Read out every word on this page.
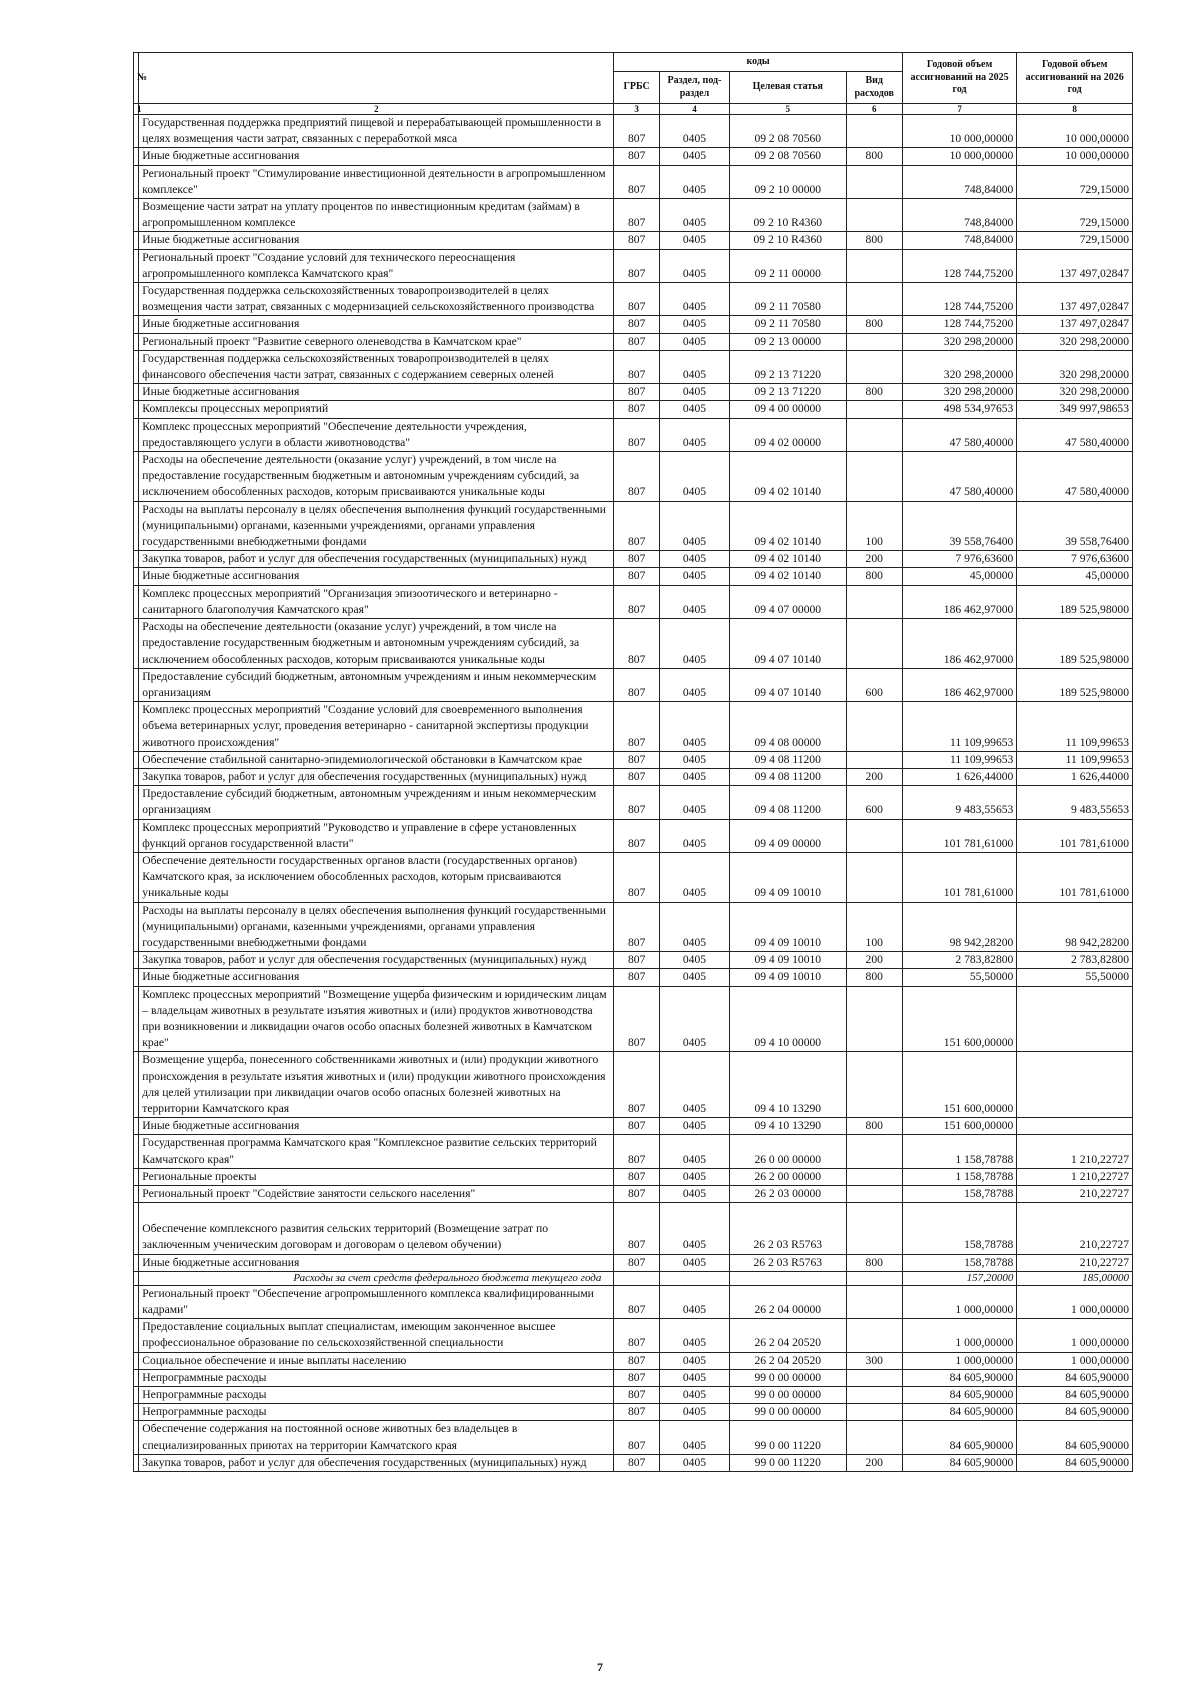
№		коды				Годовой объем ассигнований на 2025 год	Годовой объем ассигнований на 2026 год
		ГРБС	Раздел, под-раздел	Целевая статья	Вид расходов		
1	2	3	4	5	6	7	8
	Государственная поддержка предприятий пищевой и перерабатывающей промышленности в целях возмещения части затрат, связанных с переработкой мяса	807	0405	09 2 08 70560		10 000,00000	10 000,00000
	Иные бюджетные ассигнования	807	0405	09 2 08 70560	800	10 000,00000	10 000,00000
	Региональный проект "Стимулирование инвестиционной деятельности в агропромышленном комплексе"	807	0405	09 2 10 00000		748,84000	729,15000
	Возмещение части затрат на уплату процентов по инвестиционным кредитам (займам) в агропромышленном комплексе	807	0405	09 2 10 R4360		748,84000	729,15000
	Иные бюджетные ассигнования	807	0405	09 2 10 R4360	800	748,84000	729,15000
	Региональный проект "Создание условий для технического переоснащения агропромышленного комплекса Камчатского края"	807	0405	09 2 11 00000		128 744,75200	137 497,02847
	Государственная поддержка сельскохозяйственных товаропроизводителей в целях возмещения части затрат, связанных с модернизацией сельскохозяйственного производства	807	0405	09 2 11 70580		128 744,75200	137 497,02847
	Иные бюджетные ассигнования	807	0405	09 2 11 70580	800	128 744,75200	137 497,02847
	Региональный проект "Развитие северного оленеводства в Камчатском крае"	807	0405	09 2 13 00000		320 298,20000	320 298,20000
	Государственная поддержка сельскохозяйственных товаропроизводителей в целях финансового обеспечения части затрат, связанных с содержанием северных оленей	807	0405	09 2 13 71220		320 298,20000	320 298,20000
	Иные бюджетные ассигнования	807	0405	09 2 13 71220	800	320 298,20000	320 298,20000
	Комплексы процессных мероприятий	807	0405	09 4 00 00000		498 534,97653	349 997,98653
	Комплекс процессных мероприятий "Обеспечение деятельности учреждения, предоставляющего услуги в области животноводства"	807	0405	09 4 02 00000		47 580,40000	47 580,40000
	Расходы на обеспечение деятельности (оказание услуг) учреждений, в том числе на предоставление государственным бюджетным и автономным учреждениям субсидий, за исключением обособленных расходов, которым присваиваются уникальные коды	807	0405	09 4 02 10140		47 580,40000	47 580,40000
	Расходы на выплаты персоналу в целях обеспечения выполнения функций государственными (муниципальными) органами, казенными учреждениями, органами управления государственными внебюджетными фондами	807	0405	09 4 02 10140	100	39 558,76400	39 558,76400
	Закупка товаров, работ и услуг для обеспечения государственных (муниципальных) нужд	807	0405	09 4 02 10140	200	7 976,63600	7 976,63600
	Иные бюджетные ассигнования	807	0405	09 4 02 10140	800	45,00000	45,00000
	Комплекс процессных мероприятий "Организация эпизоотического и ветеринарно - санитарного благополучия Камчатского края"	807	0405	09 4 07 00000		186 462,97000	189 525,98000
	Расходы на обеспечение деятельности (оказание услуг) учреждений, в том числе на предоставление государственным бюджетным и автономным учреждениям субсидий, за исключением обособленных расходов, которым присваиваются уникальные коды	807	0405	09 4 07 10140		186 462,97000	189 525,98000
	Предоставление субсидий бюджетным, автономным учреждениям и иным некоммерческим организациям	807	0405	09 4 07 10140	600	186 462,97000	189 525,98000
	Комплекс процессных мероприятий "Создание условий для своевременного выполнения объема ветеринарных услуг, проведения ветеринарно - санитарной экспертизы продукции животного происхождения"	807	0405	09 4 08 00000		11 109,99653	11 109,99653
	Обеспечение стабильной санитарно-эпидемиологической обстановки в Камчатском крае	807	0405	09 4 08 11200		11 109,99653	11 109,99653
	Закупка товаров, работ и услуг для обеспечения государственных (муниципальных) нужд	807	0405	09 4 08 11200	200	1 626,44000	1 626,44000
	Предоставление субсидий бюджетным, автономным учреждениям и иным некоммерческим организациям	807	0405	09 4 08 11200	600	9 483,55653	9 483,55653
	Комплекс процессных мероприятий "Руководство и управление в сфере установленных функций органов государственной власти"	807	0405	09 4 09 00000		101 781,61000	101 781,61000
	Обеспечение деятельности государственных органов власти (государственных органов) Камчатского края, за исключением обособленных расходов, которым присваиваются уникальные коды	807	0405	09 4 09 10010		101 781,61000	101 781,61000
	Расходы на выплаты персоналу в целях обеспечения выполнения функций государственными (муниципальными) органами, казенными учреждениями, органами управления государственными внебюджетными фондами	807	0405	09 4 09 10010	100	98 942,28200	98 942,28200
	Закупка товаров, работ и услуг для обеспечения государственных (муниципальных) нужд	807	0405	09 4 09 10010	200	2 783,82800	2 783,82800
	Иные бюджетные ассигнования	807	0405	09 4 09 10010	800	55,50000	55,50000
	Комплекс процессных мероприятий "Возмещение ущерба физическим и юридическим лицам – владельцам животных в результате изъятия животных и (или) продуктов животноводства при возникновении и ликвидации очагов особо опасных болезней животных в Камчатском крае"	807	0405	09 4 10 00000		151 600,00000	
	Возмещение ущерба, понесенного собственниками животных и (или) продукции животного происхождения в результате изъятия животных и (или) продукции животного происхождения для целей утилизации при ликвидации очагов особо опасных болезней животных на территории Камчатского края	807	0405	09 4 10 13290		151 600,00000	
	Иные бюджетные ассигнования	807	0405	09 4 10 13290	800	151 600,00000	
	Государственная программа Камчатского края "Комплексное развитие сельских территорий Камчатского края"	807	0405	26 0 00 00000		1 158,78788	1 210,22727
	Региональные проекты	807	0405	26 2 00 00000		1 158,78788	1 210,22727
	Региональный проект "Содействие занятости сельского населения"	807	0405	26 2 03 00000		158,78788	210,22727
	Обеспечение комплексного развития сельских территорий (Возмещение затрат по заключенным ученическим договорам и договорам о целевом обучении)	807	0405	26 2 03 R5763		158,78788	210,22727
	Иные бюджетные ассигнования	807	0405	26 2 03 R5763	800	158,78788	210,22727
	Расходы за счет средств федерального бюджета текущего года					157,20000	185,00000
	Региональный проект "Обеспечение агропромышленного комплекса квалифицированными кадрами"	807	0405	26 2 04 00000		1 000,00000	1 000,00000
	Предоставление социальных выплат специалистам, имеющим законченное высшее профессиональное образование по сельскохозяйственной специальности	807	0405	26 2 04 20520		1 000,00000	1 000,00000
	Социальное обеспечение и иные выплаты населению	807	0405	26 2 04 20520	300	1 000,00000	1 000,00000
	Непрограммные расходы	807	0405	99 0 00 00000		84 605,90000	84 605,90000
	Непрограммные расходы	807	0405	99 0 00 00000		84 605,90000	84 605,90000
	Непрограммные расходы	807	0405	99 0 00 00000		84 605,90000	84 605,90000
	Обеспечение содержания на постоянной основе животных без владельцев в специализированных приютах на территории Камчатского края	807	0405	99 0 00 11220		84 605,90000	84 605,90000
	Закупка товаров, работ и услуг для обеспечения государственных (муниципальных) нужд	807	0405	99 0 00 11220	200	84 605,90000	84 605,90000
7
